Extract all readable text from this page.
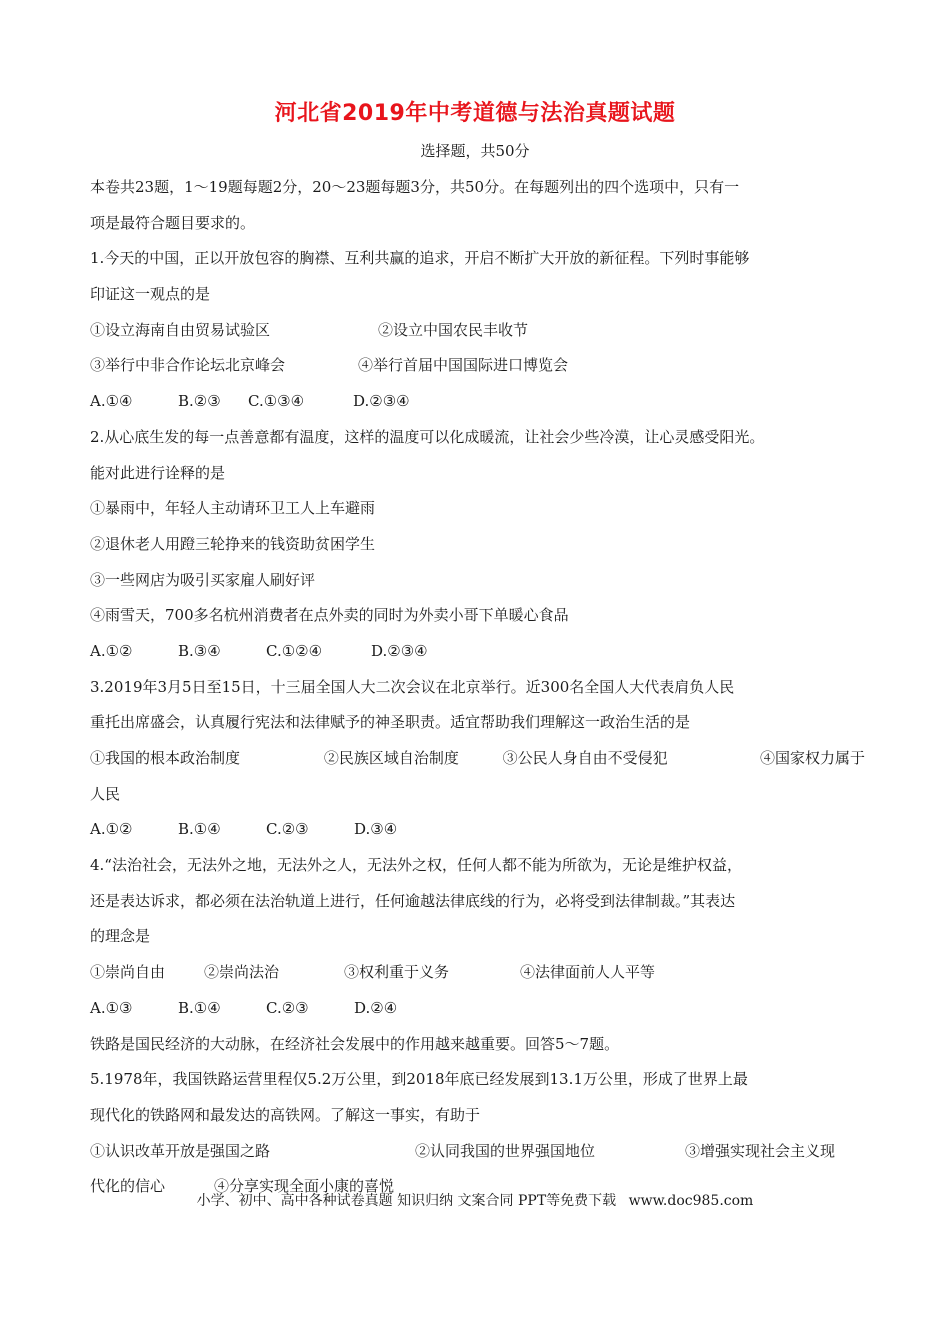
河北省2019年中考道德与法治真题试题
选择题，共50分
本卷共23题，1～19题每题2分，20～23题每题3分，共50分。在每题列出的四个选项中，只有一
项是最符合题目要求的。
1.今天的中国，正以开放包容的胸襟、互利共赢的追求，开启不断扩大开放的新征程。下列时事能够
印证这一观点的是
①设立海南自由贸易试验区	②设立中国农民丰收节
③举行中非合作论坛北京峰会	④举行首届中国国际进口博览会
A.①④	B.②③	C.①③④	D.②③④
2.从心底生发的每一点善意都有温度，这样的温度可以化成暖流，让社会少些冷漠，让心灵感受阳光。
能对此进行诠释的是
①暴雨中，年轻人主动请环卫工人上车避雨
②退休老人用蹬三轮挣来的钱资助贫困学生
③一些网店为吸引买家雇人刷好评
④雨雪天，700多名杭州消费者在点外卖的同时为外卖小哥下单暖心食品
A.①②	B.③④	C.①②④	D.②③④
3.2019年3月5日至15日，十三届全国人大二次会议在北京举行。近300名全国人大代表肩负人民
重托出席盛会，认真履行宪法和法律赋予的神圣职责。适宜帮助我们理解这一政治生活的是
①我国的根本政治制度	②民族区域自治制度	③公民人身自由不受侵犯	④国家权力属于
人民
A.①②	B.①④	C.②③	D.③④
4.“法治社会，无法外之地，无法外之人，无法外之权，任何人都不能为所欲为，无论是维护权益，
还是表达诉求，都必须在法治轨道上进行，任何逾越法律底线的行为，必将受到法律制裁。”其表达
的理念是
①崇尚自由	②崇尚法治	③权利重于义务	④法律面前人人平等
A.①③	B.①④	C.②③	D.②④
铁路是国民经济的大动脉，在经济社会发展中的作用越来越重要。回答5～7题。
5.1978年，我国铁路运营里程仅5.2万公里，到2018年底已经发展到13.1万公里，形成了世界上最
现代化的铁路网和最发达的高铁网。了解这一事实，有助于
①认识改革开放是强国之路	②认同我国的世界强国地位	③增强实现社会主义现
代化的信心	④分享实现全面小康的喜悦
小学、初中、高中各种试卷真题 知识归纳 文案合同 PPT等免费下载 www.doc985.com
